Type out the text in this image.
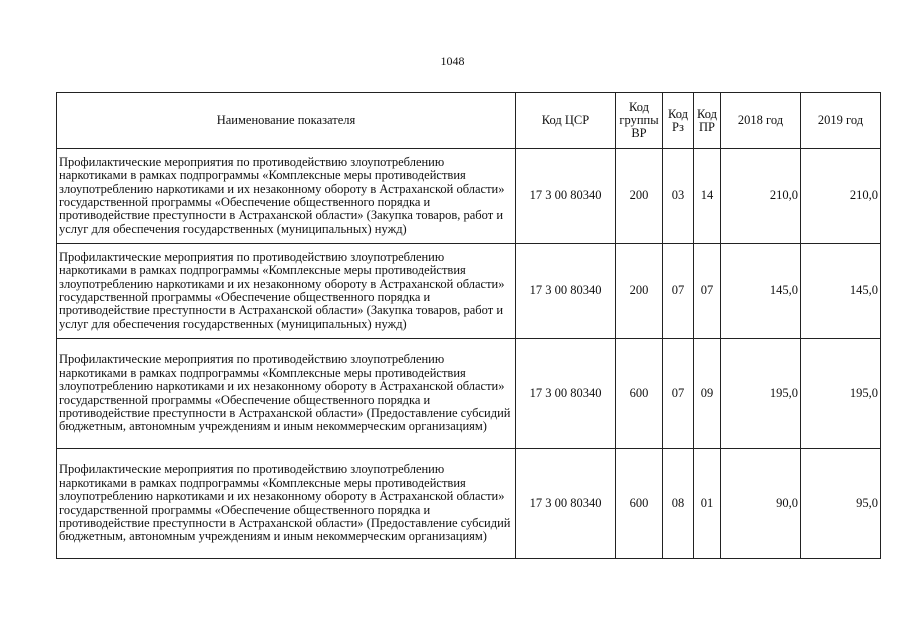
1048
Наименование показателя	Код ЦСР	Код группы ВР	Код Рз	Код ПР	2018 год	2019 год
Профилактические мероприятия по противодействию злоупотреблению наркотиками в рамках подпрограммы «Комплексные меры противодействия злоупотреблению наркотиками и их незаконному обороту в Астраханской области» государственной программы «Обеспечение общественного порядка и противодействие преступности в Астраханской области» (Закупка товаров, работ и услуг для обеспечения государственных (муниципальных) нужд)	17 3 00 80340	200	03	14	210,0	210,0
Профилактические мероприятия по противодействию злоупотреблению наркотиками в рамках подпрограммы «Комплексные меры противодействия злоупотреблению наркотиками и их незаконному обороту в Астраханской области» государственной программы «Обеспечение общественного порядка и противодействие преступности в Астраханской области» (Закупка товаров, работ и услуг для обеспечения государственных (муниципальных) нужд)	17 3 00 80340	200	07	07	145,0	145,0
Профилактические мероприятия по противодействию злоупотреблению наркотиками в рамках подпрограммы «Комплексные меры противодействия злоупотреблению наркотиками и их незаконному обороту в Астраханской области» государственной программы «Обеспечение общественного порядка и противодействие преступности в Астраханской области» (Предоставление субсидий бюджетным, автономным учреждениям и иным некоммерческим организациям)	17 3 00 80340	600	07	09	195,0	195,0
Профилактические мероприятия по противодействию злоупотреблению наркотиками в рамках подпрограммы «Комплексные меры противодействия злоупотреблению наркотиками и их незаконному обороту в Астраханской области» государственной программы «Обеспечение общественного порядка и противодействие преступности в Астраханской области» (Предоставление субсидий бюджетным, автономным учреждениям и иным некоммерческим организациям)	17 3 00 80340	600	08	01	90,0	95,0
